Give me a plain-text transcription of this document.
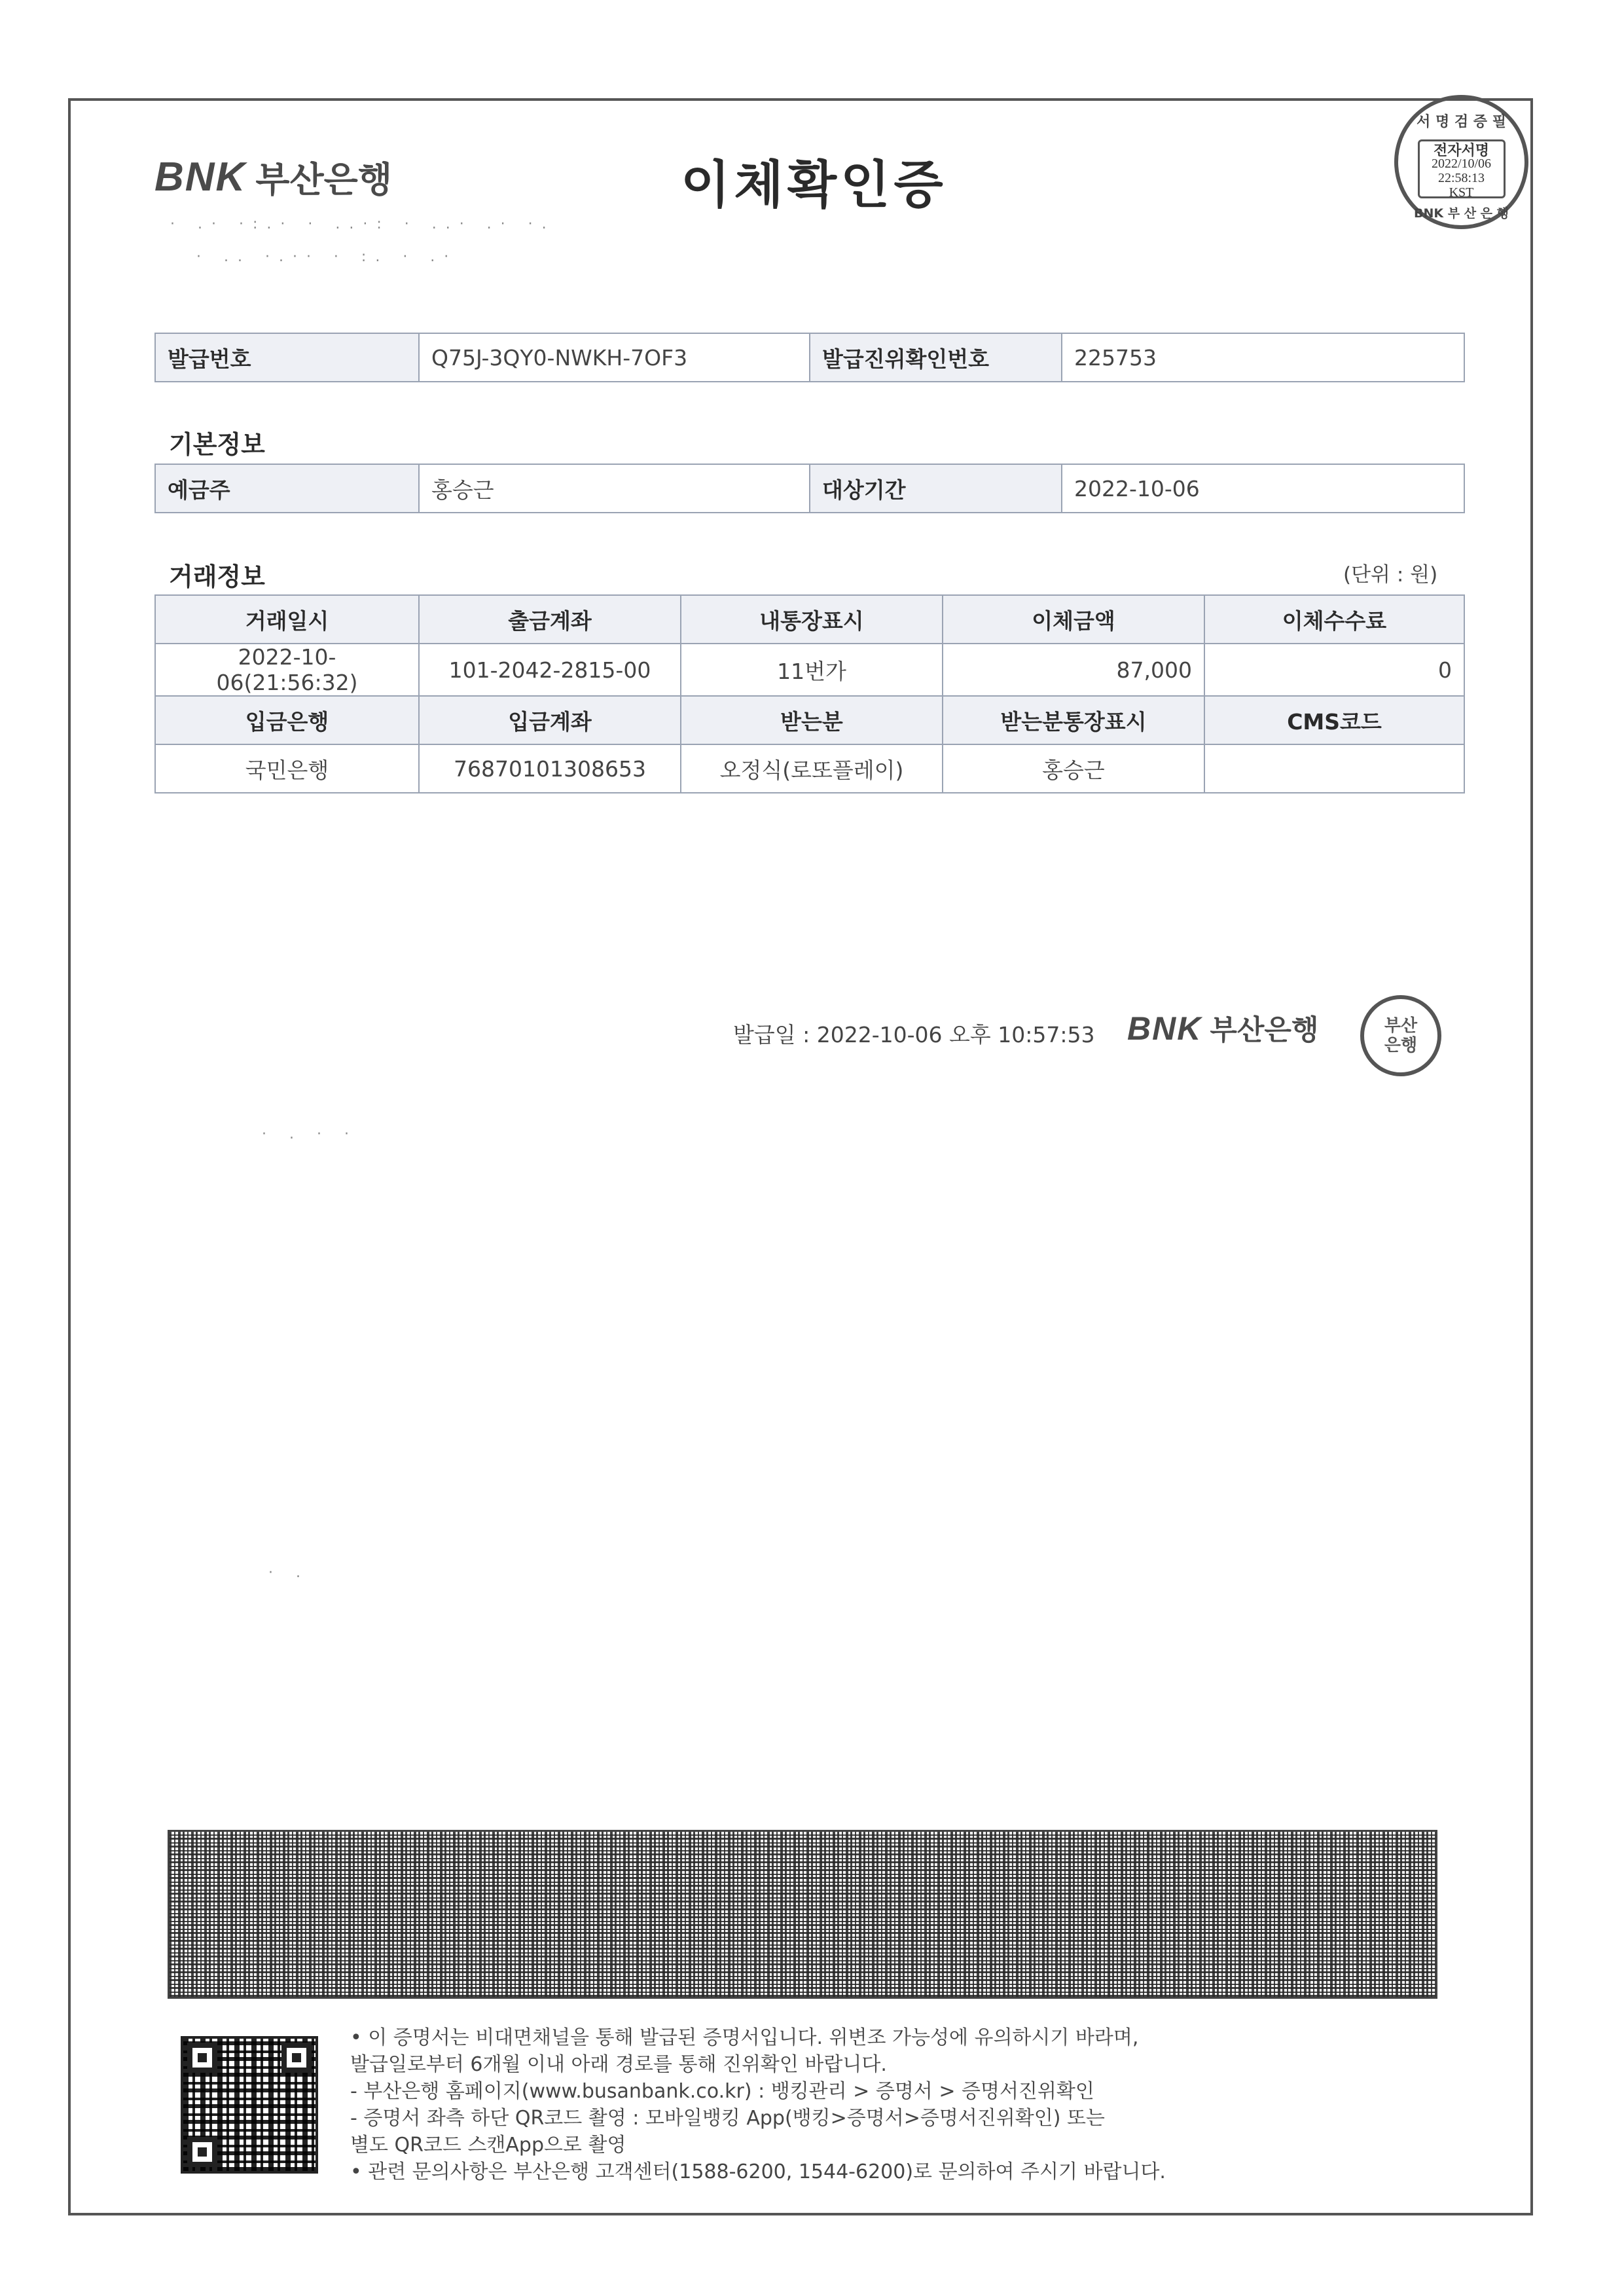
BNK 부산은행	이체확인증
· .· ·:.· · ..·: · ..· .· ·.
· .. ·.·· · :. · .·
서 명 검 증 필
전자서명
2022/10/06
22:58:13
KST
BNK 부 산 은 행
발급번호	Q75J-3QY0-NWKH-7OF3	발급진위확인번호	225753
기본정보
예금주	홍승근	대상기간	2022-10-06
거래정보	(단위 : 원)
거래일시	출금계좌	내통장표시	이체금액	이체수수료
2022-10-06(21:56:32)	101-2042-2815-00	11번가	87,000	0
입금은행	입금계좌	받는분	받는분통장표시	CMS코드
국민은행	76870101308653	오정식(로또플레이)	홍승근	
발급일 : 2022-10-06 오후 10:57:53 BNK 부산은행	부산은행
· . · ·
· .
• 이 증명서는 비대면채널을 통해 발급된 증명서입니다. 위변조 가능성에 유의하시기 바라며,
발급일로부터 6개월 이내 아래 경로를 통해 진위확인 바랍니다.
- 부산은행 홈페이지(www.busanbank.co.kr) : 뱅킹관리 > 증명서 > 증명서진위확인
- 증명서 좌측 하단 QR코드 촬영 : 모바일뱅킹 App(뱅킹>증명서>증명서진위확인) 또는
별도 QR코드 스캔App으로 촬영
• 관련 문의사항은 부산은행 고객센터(1588-6200, 1544-6200)로 문의하여 주시기 바랍니다.
